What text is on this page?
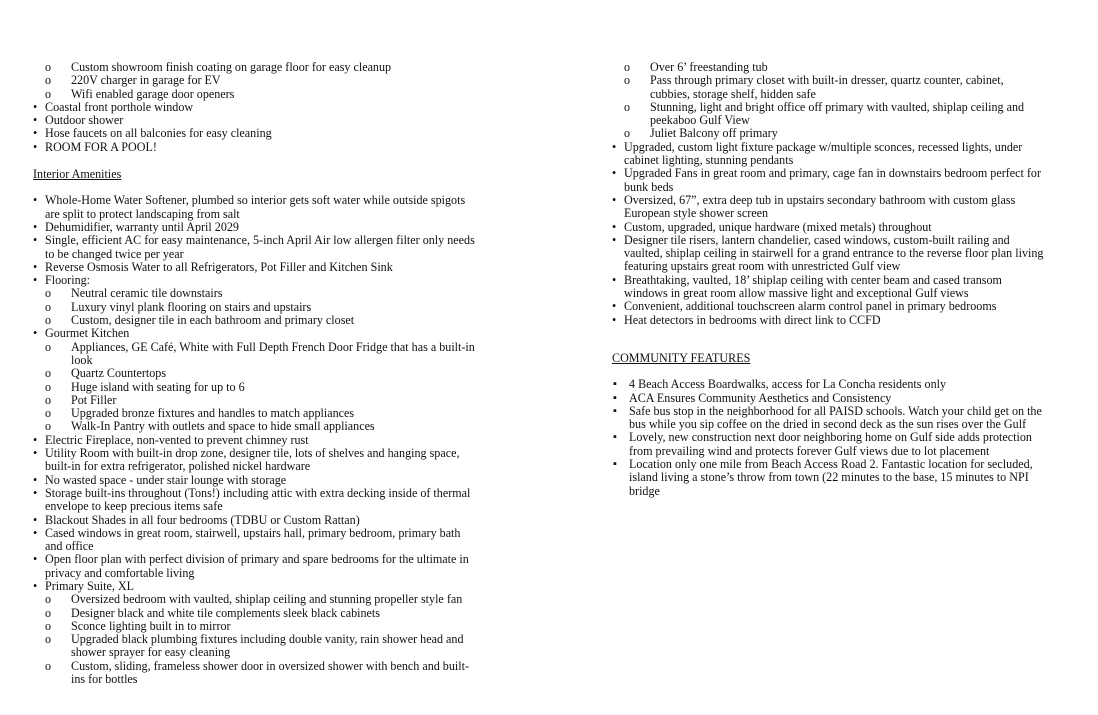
o Custom showroom finish coating on garage floor for easy cleanup
o 220V charger in garage for EV
o Wifi enabled garage door openers
• Coastal front porthole window
• Outdoor shower
• Hose faucets on all balconies for easy cleaning
• ROOM FOR A POOL!
Interior Amenities
• Whole-Home Water Softener, plumbed so interior gets soft water while outside spigots are split to protect landscaping from salt
• Dehumidifier, warranty until April 2029
• Single, efficient AC for easy maintenance, 5-inch April Air low allergen filter only needs to be changed twice per year
• Reverse Osmosis Water to all Refrigerators, Pot Filler and Kitchen Sink
• Flooring:
o Neutral ceramic tile downstairs
o Luxury vinyl plank flooring on stairs and upstairs
o Custom, designer tile in each bathroom and primary closet
• Gourmet Kitchen
o Appliances, GE Café, White with Full Depth French Door Fridge that has a built-in look
o Quartz Countertops
o Huge island with seating for up to 6
o Pot Filler
o Upgraded bronze fixtures and handles to match appliances
o Walk-In Pantry with outlets and space to hide small appliances
• Electric Fireplace, non-vented to prevent chimney rust
• Utility Room with built-in drop zone, designer tile, lots of shelves and hanging space, built-in for extra refrigerator, polished nickel hardware
• No wasted space - under stair lounge with storage
• Storage built-ins throughout (Tons!) including attic with extra decking inside of thermal envelope to keep precious items safe
• Blackout Shades in all four bedrooms (TDBU or Custom Rattan)
• Cased windows in great room, stairwell, upstairs hall, primary bedroom, primary bath and office
• Open floor plan with perfect division of primary and spare bedrooms for the ultimate in privacy and comfortable living
• Primary Suite, XL
o Oversized bedroom with vaulted, shiplap ceiling and stunning propeller style fan
o Designer black and white tile complements sleek black cabinets
o Sconce lighting built in to mirror
o Upgraded black plumbing fixtures including double vanity, rain shower head and shower sprayer for easy cleaning
o Custom, sliding, frameless shower door in oversized shower with bench and built-ins for bottles
o Over 6’ freestanding tub
o Pass through primary closet with built-in dresser, quartz counter, cabinet, cubbies, storage shelf, hidden safe
o Stunning, light and bright office off primary with vaulted, shiplap ceiling and peekaboo Gulf View
o Juliet Balcony off primary
• Upgraded, custom light fixture package w/multiple sconces, recessed lights, under cabinet lighting, stunning pendants
• Upgraded Fans in great room and primary, cage fan in downstairs bedroom perfect for bunk beds
• Oversized, 67”, extra deep tub in upstairs secondary bathroom with custom glass European style shower screen
• Custom, upgraded, unique hardware (mixed metals) throughout
• Designer tile risers, lantern chandelier, cased windows, custom-built railing and vaulted, shiplap ceiling in stairwell for a grand entrance to the reverse floor plan living featuring upstairs great room with unrestricted Gulf view
• Breathtaking, vaulted, 18’ shiplap ceiling with center beam and cased transom windows in great room allow massive light and exceptional Gulf views
• Convenient, additional touchscreen alarm control panel in primary bedrooms
• Heat detectors in bedrooms with direct link to CCFD
COMMUNITY FEATURES
▪ 4 Beach Access Boardwalks, access for La Concha residents only
▪ ACA Ensures Community Aesthetics and Consistency
▪ Safe bus stop in the neighborhood for all PAISD schools. Watch your child get on the bus while you sip coffee on the dried in second deck as the sun rises over the Gulf
▪ Lovely, new construction next door neighboring home on Gulf side adds protection from prevailing wind and protects forever Gulf views due to lot placement
▪ Location only one mile from Beach Access Road 2. Fantastic location for secluded, island living a stone’s throw from town (22 minutes to the base, 15 minutes to NPI bridge
